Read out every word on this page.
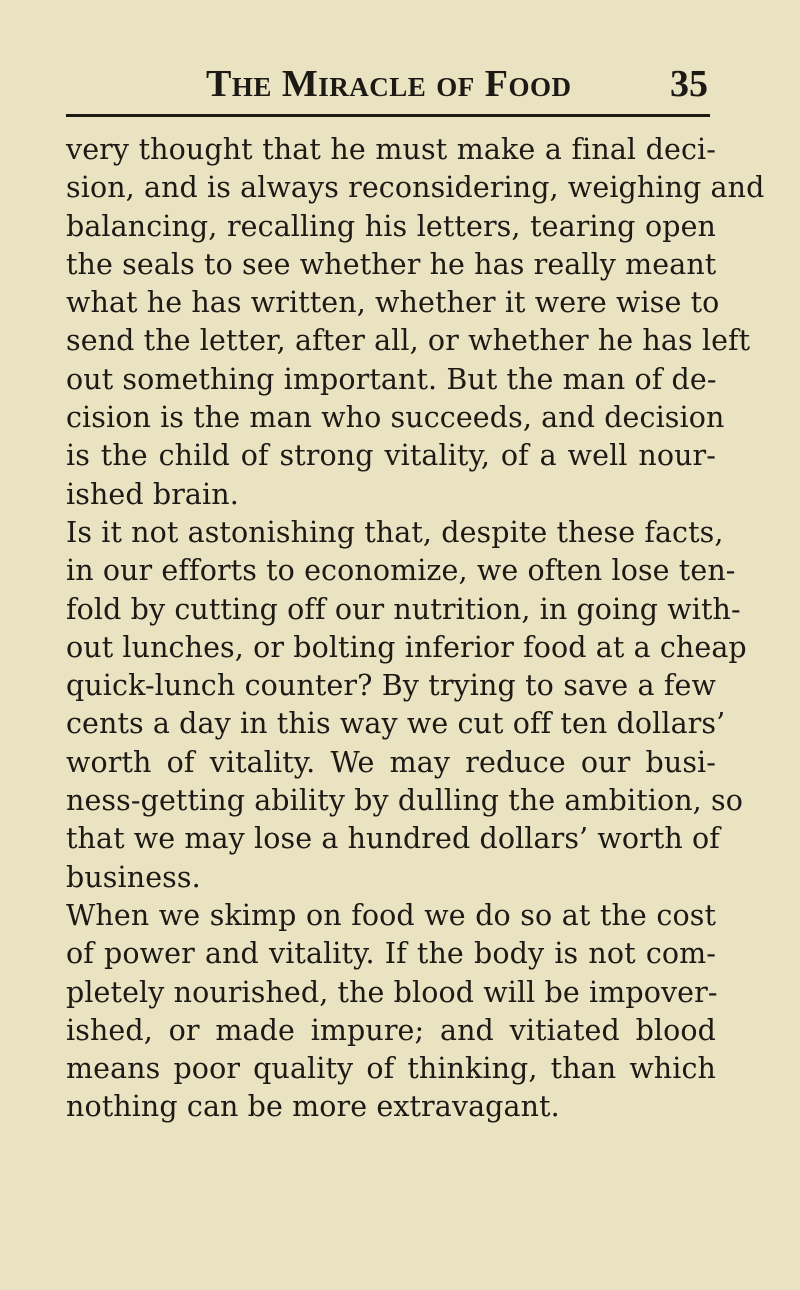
The Miracle of Food	35
very thought that he must make a final deci-
sion, and is always reconsidering, weighing and
balancing, recalling his letters, tearing open
the seals to see whether he has really meant
what he has written, whether it were wise to
send the letter, after all, or whether he has left
out something important. But the man of de-
cision is the man who succeeds, and decision
is the child of strong vitality, of a well nour-
ished brain.
Is it not astonishing that, despite these facts,
in our efforts to economize, we often lose ten-
fold by cutting off our nutrition, in going with-
out lunches, or bolting inferior food at a cheap
quick-lunch counter? By trying to save a few
cents a day in this way we cut off ten dollars’
worth of vitality. We may reduce our busi-
ness-getting ability by dulling the ambition, so
that we may lose a hundred dollars’ worth of
business.
When we skimp on food we do so at the cost
of power and vitality. If the body is not com-
pletely nourished, the blood will be impover-
ished, or made impure; and vitiated blood
means poor quality of thinking, than which
nothing can be more extravagant.
